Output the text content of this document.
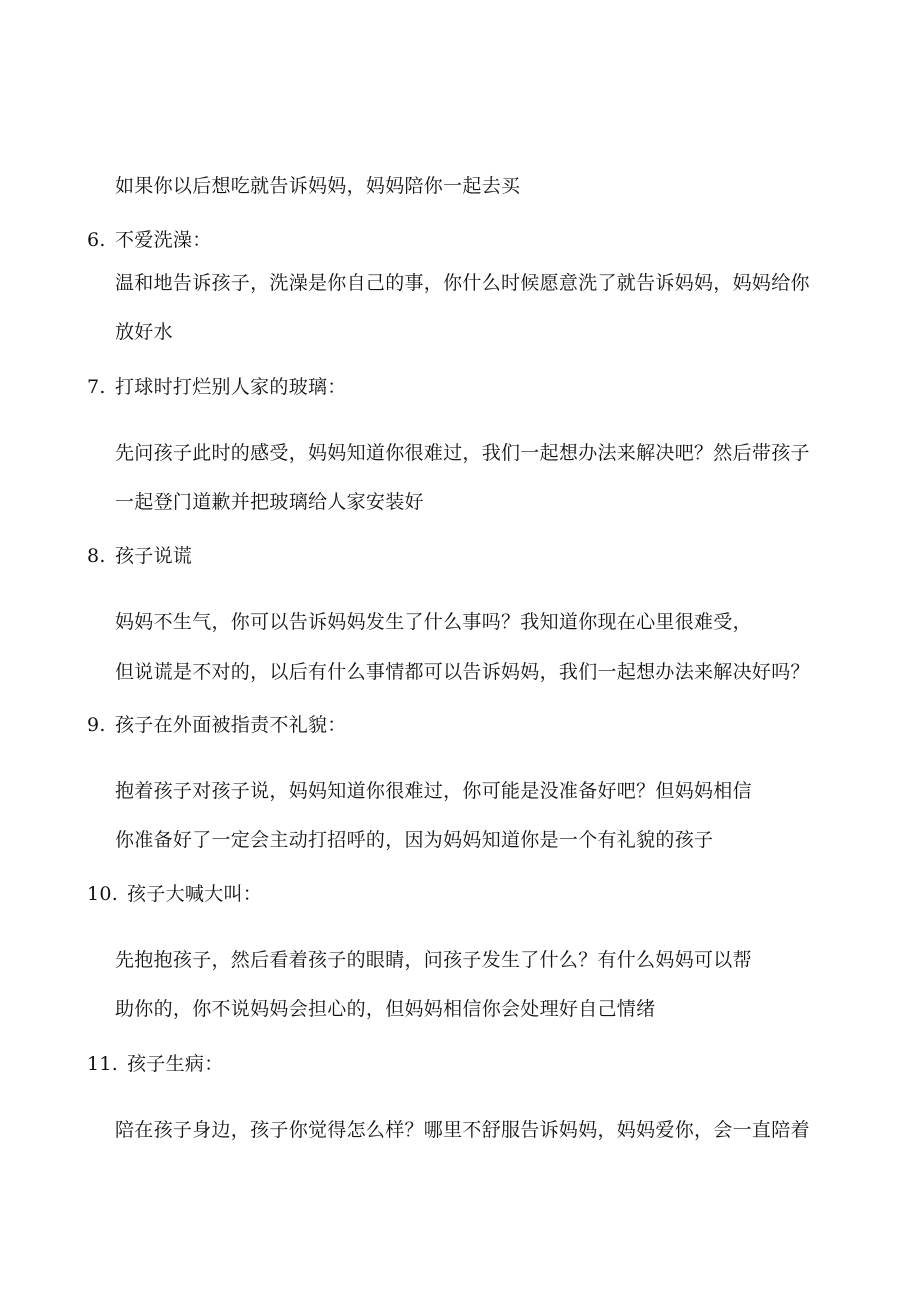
如果你以后想吃就告诉妈妈，妈妈陪你一起去买
6. 不爱洗澡：
温和地告诉孩子，洗澡是你自己的事，你什么时候愿意洗了就告诉妈妈，妈妈给你
放好水
7. 打球时打烂别人家的玻璃：
先问孩子此时的感受，妈妈知道你很难过，我们一起想办法来解决吧？然后带孩子
一起登门道歉并把玻璃给人家安装好
8. 孩子说谎
妈妈不生气，你可以告诉妈妈发生了什么事吗？我知道你现在心里很难受，
但说谎是不对的，以后有什么事情都可以告诉妈妈，我们一起想办法来解决好吗？
9. 孩子在外面被指责不礼貌：
抱着孩子对孩子说，妈妈知道你很难过，你可能是没准备好吧？但妈妈相信
你准备好了一定会主动打招呼的，因为妈妈知道你是一个有礼貌的孩子
10. 孩子大喊大叫：
先抱抱孩子，然后看着孩子的眼睛，问孩子发生了什么？有什么妈妈可以帮
助你的，你不说妈妈会担心的，但妈妈相信你会处理好自己情绪
11. 孩子生病：
陪在孩子身边，孩子你觉得怎么样？哪里不舒服告诉妈妈，妈妈爱你，会一直陪着
